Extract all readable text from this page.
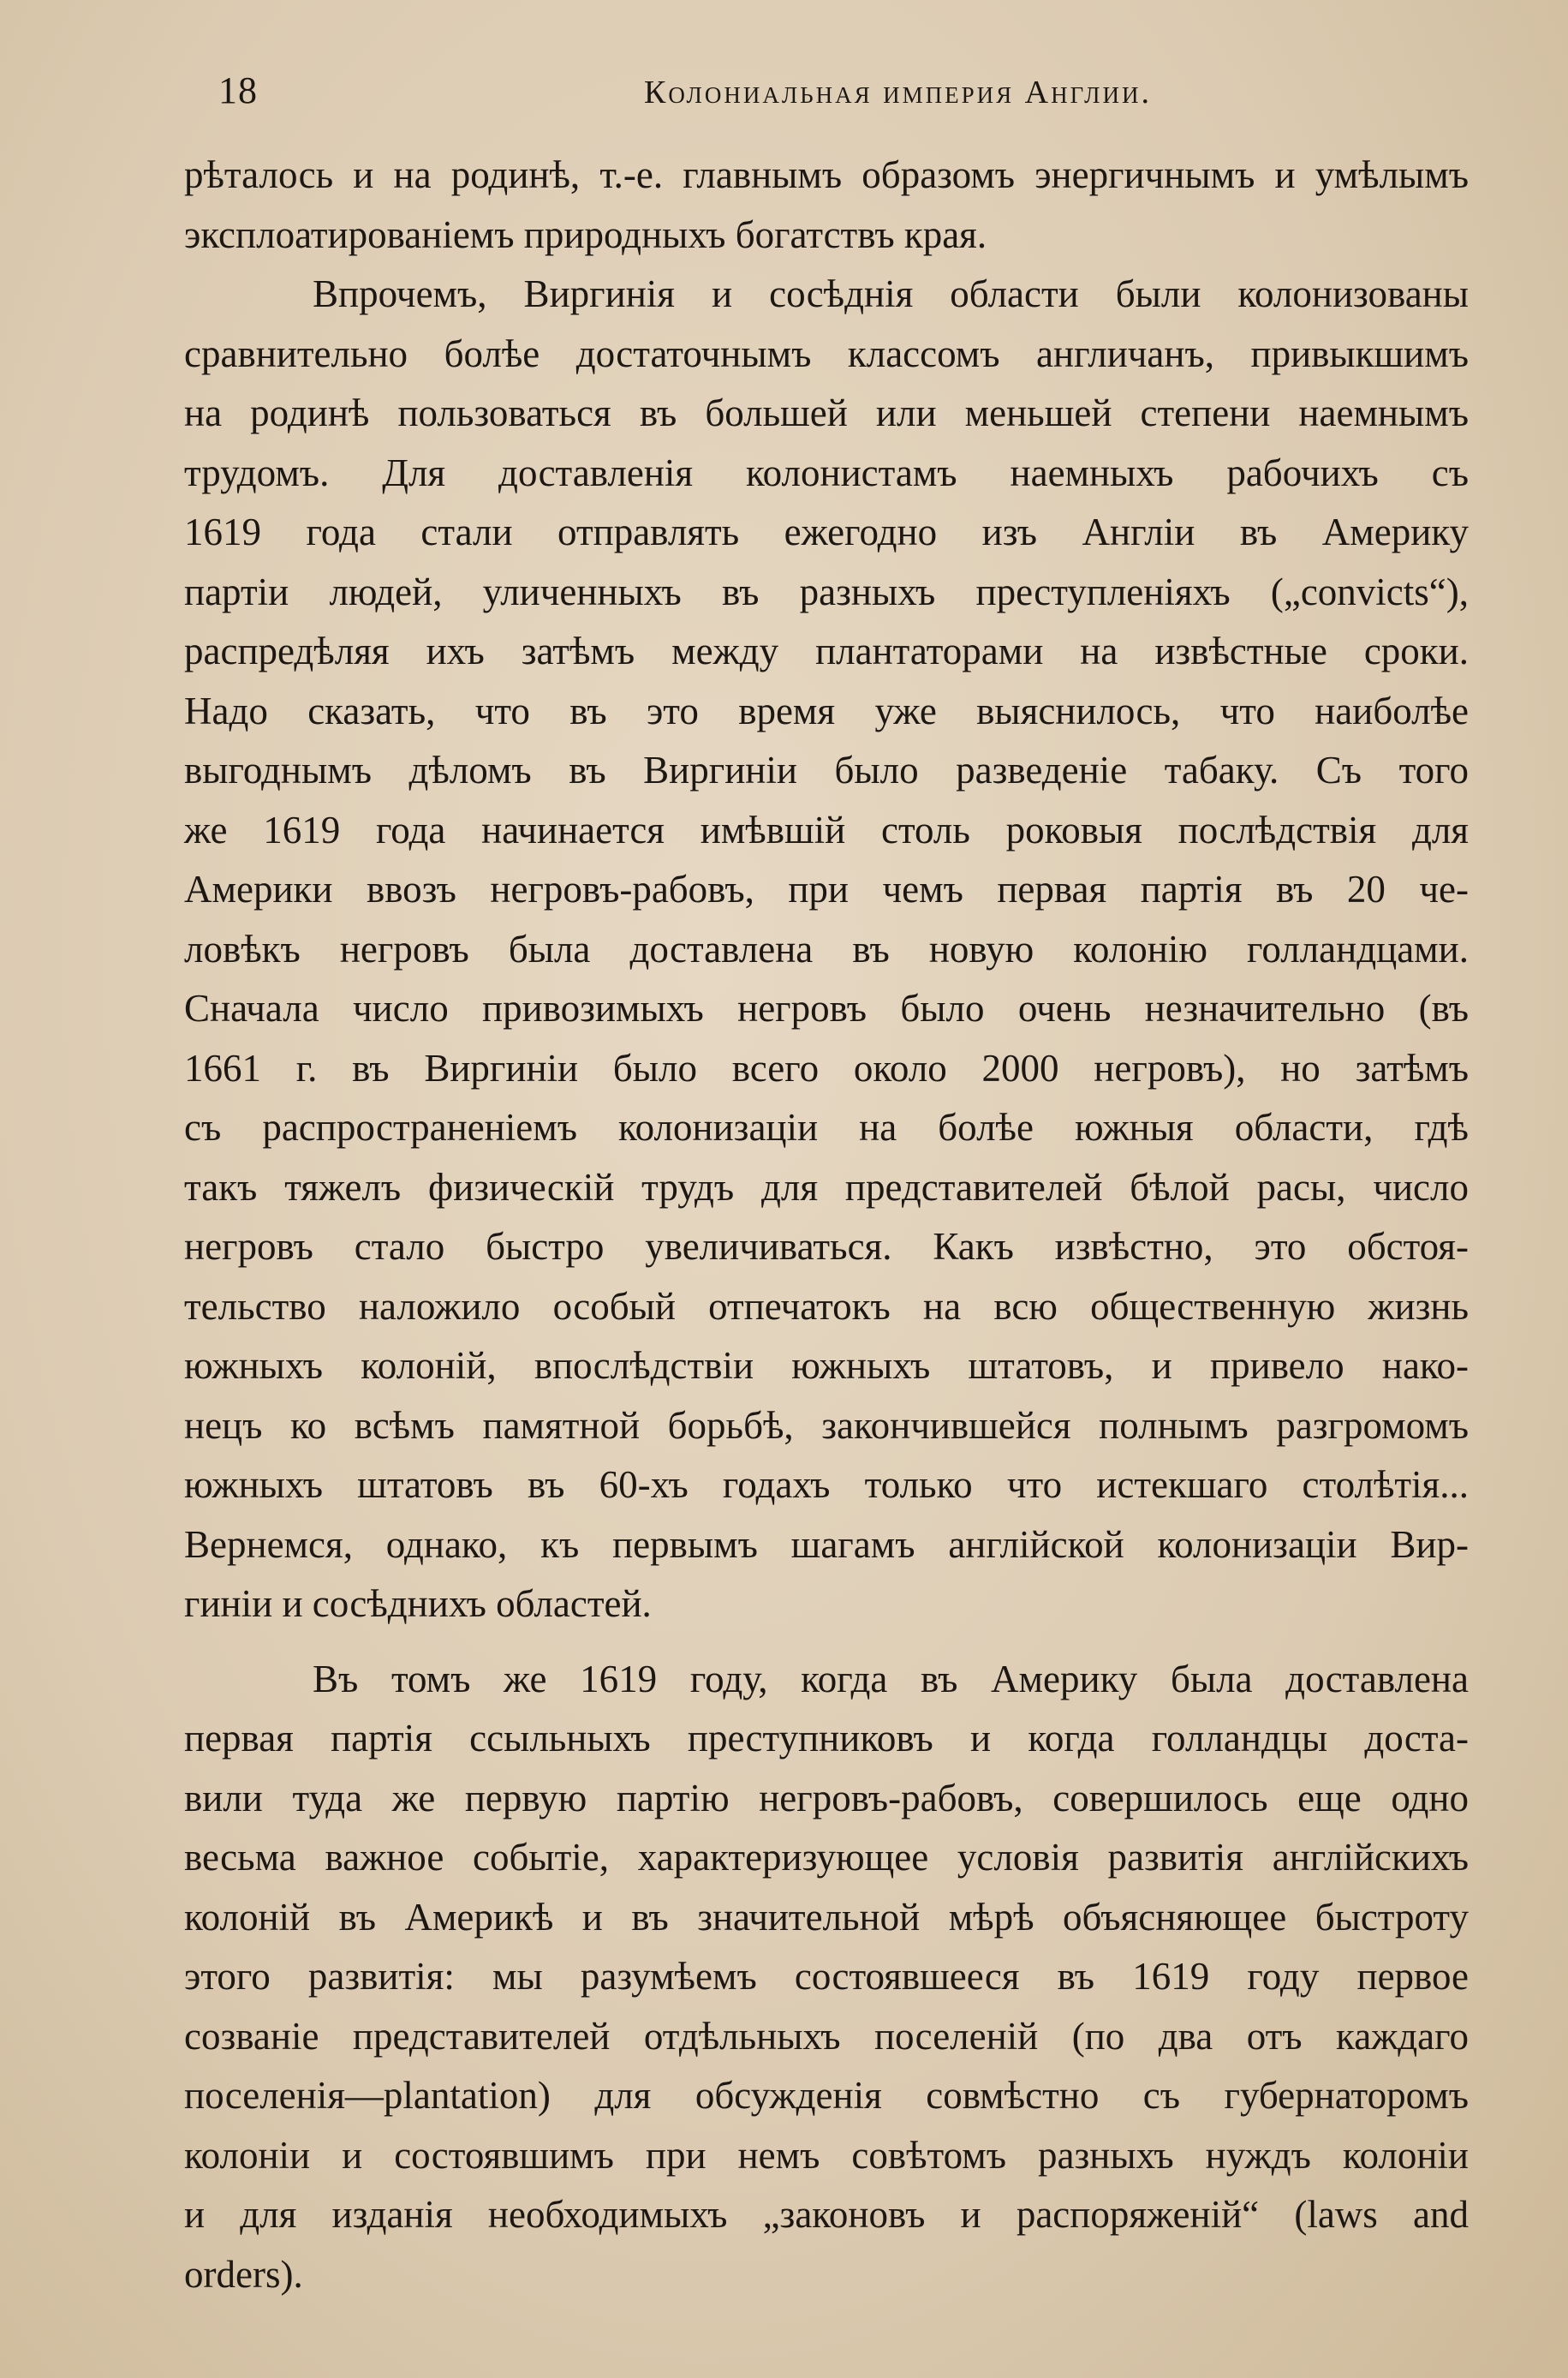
18	Колониальная империя Англии.
рѣталось и на родинѣ, т.-е. главнымъ образомъ энергичнымъ и умѣлымъ
эксплоатированіемъ природныхъ богатствъ края.
Впрочемъ, Виргинія и сосѣднія области были колонизованы
сравнительно болѣе достаточнымъ классомъ англичанъ, привыкшимъ
на родинѣ пользоваться въ большей или меньшей степени наемнымъ
трудомъ. Для доставленія колонистамъ наемныхъ рабочихъ съ
1619 года стали отправлять ежегодно изъ Англіи въ Америку
партіи людей, уличенныхъ въ разныхъ преступленіяхъ („convicts“),
распредѣляя ихъ затѣмъ между плантаторами на извѣстные сроки.
Надо сказать, что въ это время уже выяснилось, что наиболѣе
выгоднымъ дѣломъ въ Виргиніи было разведеніе табаку. Съ того
же 1619 года начинается имѣвшій столь роковыя послѣдствія для
Америки ввозъ негровъ-рабовъ, при чемъ первая партія въ 20 че-
ловѣкъ негровъ была доставлена въ новую колонію голландцами.
Сначала число привозимыхъ негровъ было очень незначительно (въ
1661 г. въ Виргиніи было всего около 2000 негровъ), но затѣмъ
съ распространеніемъ колонизаціи на болѣе южныя области, гдѣ
такъ тяжелъ физическій трудъ для представителей бѣлой расы, число
негровъ стало быстро увеличиваться. Какъ извѣстно, это обстоя-
тельство наложило особый отпечатокъ на всю общественную жизнь
южныхъ колоній, впослѣдствіи южныхъ штатовъ, и привело нако-
нецъ ко всѣмъ памятной борьбѣ, закончившейся полнымъ разгромомъ
южныхъ штатовъ въ 60-хъ годахъ только что истекшаго столѣтія...
Вернемся, однако, къ первымъ шагамъ англійской колонизаціи Вир-
гиніи и сосѣднихъ областей.
Въ томъ же 1619 году, когда въ Америку была доставлена
первая партія ссыльныхъ преступниковъ и когда голландцы доста-
вили туда же первую партію негровъ-рабовъ, совершилось еще одно
весьма важное событіе, характеризующее условія развитія англійскихъ
колоній въ Америкѣ и въ значительной мѣрѣ объясняющее быстроту
этого развитія: мы разумѣемъ состоявшееся въ 1619 году первое
созваніе представителей отдѣльныхъ поселеній (по два отъ каждаго
поселенія—plantation) для обсужденія совмѣстно съ губернаторомъ
колоніи и состоявшимъ при немъ совѣтомъ разныхъ нуждъ колоніи
и для изданія необходимыхъ „законовъ и распоряженій“ (laws and
orders).
